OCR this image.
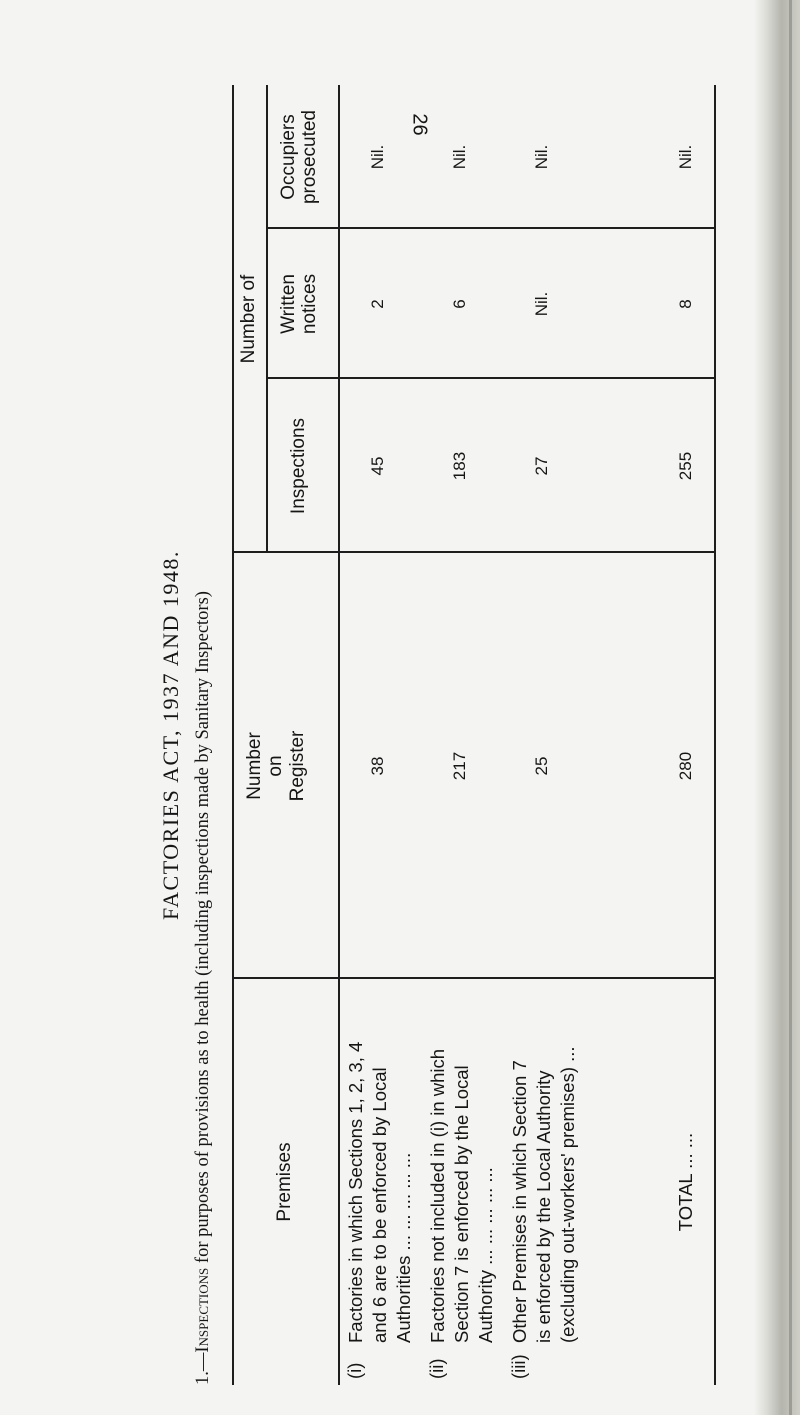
26
FACTORIES ACT, 1937 AND 1948.
1.—Inspections for purposes of provisions as to health (including inspections made by Sanitary Inspectors)	Premises
Number on Register
Number of
Inspections
Written notices
Occupiers prosecuted
(i)
Factories in which Sections 1, 2, 3, 4 and 6 are to be enforced by Local Authorities ... ... ... ... ...
38
45
2
Nil.
(ii)
Factories not included in (i) in which Section 7 is enforced by the Local Authority ... ... ... ... ...
217
183
6
Nil.
(iii)
Other Premises in which Section 7 is enforced by the Local Authority (excluding out-workers' premises) ...
25
27
Nil.
Nil.
TOTAL ... ...
280
255
8
Nil.
